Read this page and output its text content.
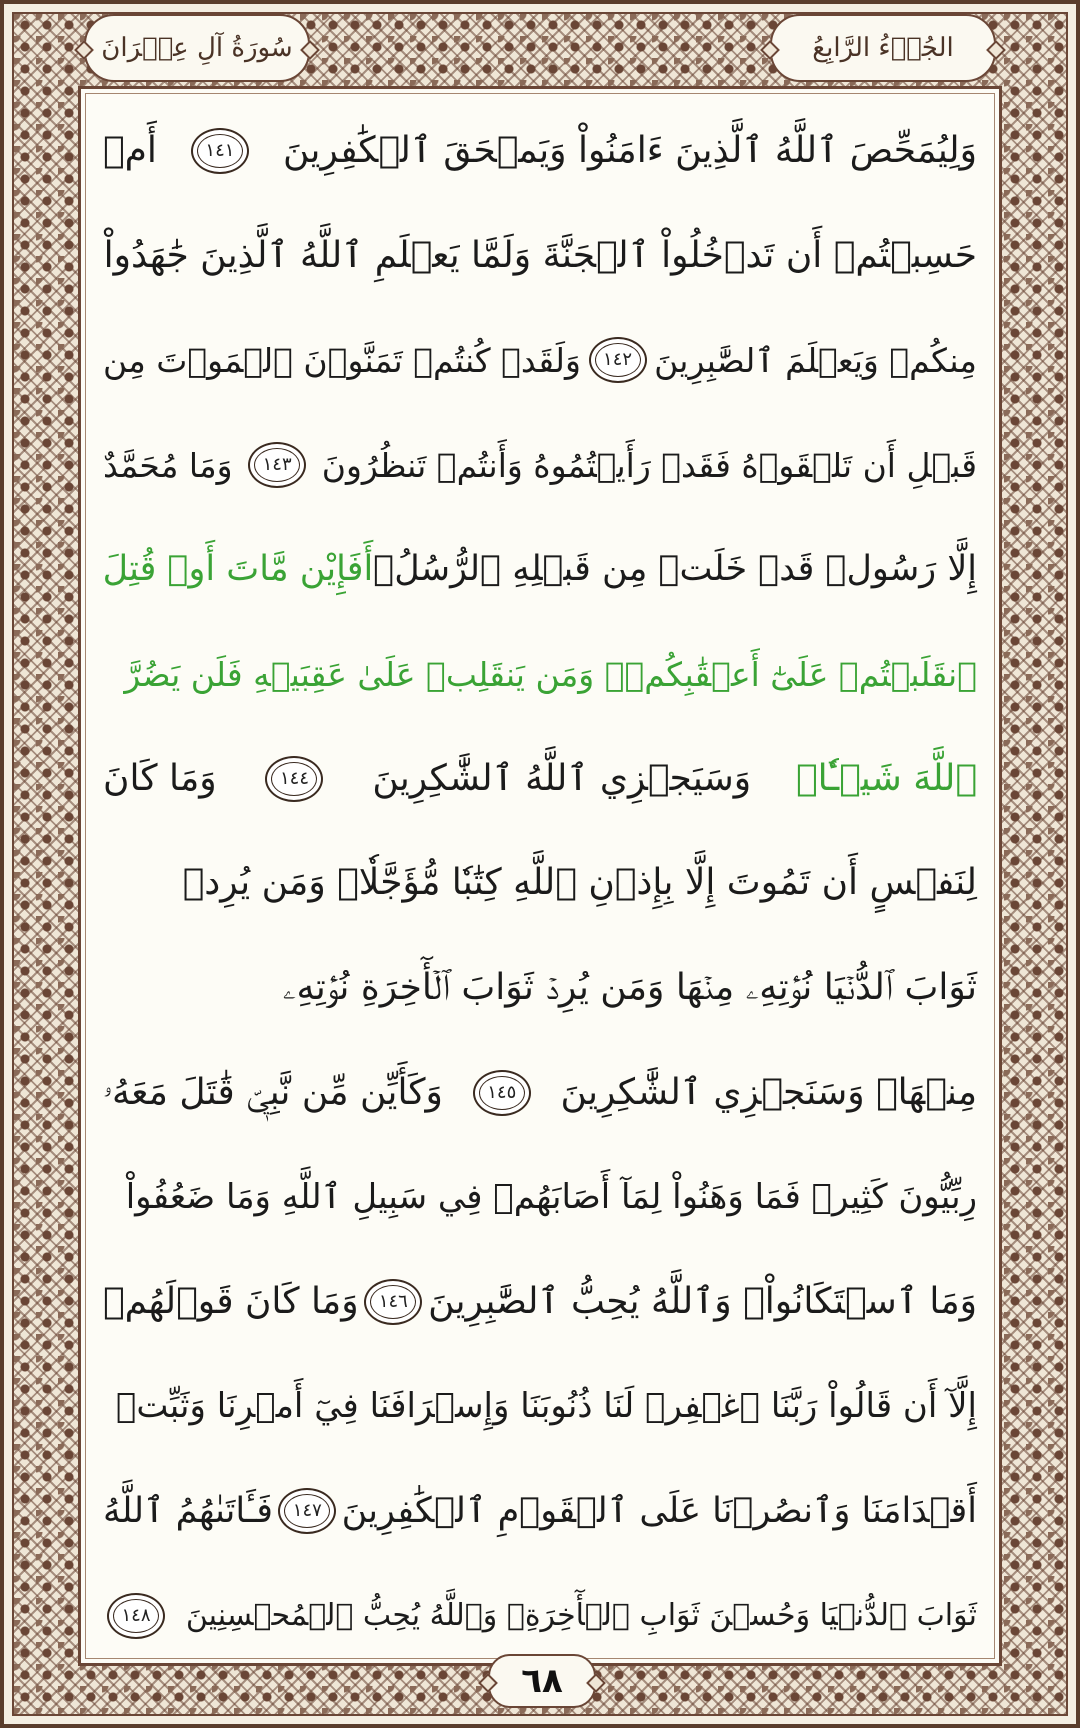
سُورَةُ آلِ عِمۡرَانَ	الجُزۡءُ الرَّابِعُ
وَلِيُمَحِّصَ ٱللَّهُ ٱلَّذِينَ ءَامَنُواْ وَيَمۡحَقَ ٱلۡكَٰفِرِينَ
١٤١
أَمۡ
حَسِبۡتُمۡ أَن تَدۡخُلُواْ ٱلۡجَنَّةَ وَلَمَّا يَعۡلَمِ ٱللَّهُ ٱلَّذِينَ جَٰهَدُواْ
مِنكُمۡ وَيَعۡلَمَ ٱلصَّٰبِرِينَ
١٤٢
وَلَقَدۡ كُنتُمۡ تَمَنَّوۡنَ ٱلۡمَوۡتَ مِن
قَبۡلِ أَن تَلۡقَوۡهُ فَقَدۡ رَأَيۡتُمُوهُ وَأَنتُمۡ تَنظُرُونَ
١٤٣
وَمَا مُحَمَّدٌ
إِلَّا رَسُولٞ قَدۡ خَلَتۡ مِن قَبۡلِهِ ٱلرُّسُلُۚ
أَفَإِيْن مَّاتَ أَوۡ قُتِلَ
ٱنقَلَبۡتُمۡ عَلَىٰٓ أَعۡقَٰبِكُمۡۚ وَمَن يَنقَلِبۡ عَلَىٰ عَقِبَيۡهِ فَلَن يَضُرَّ
ٱللَّهَ شَيۡـٔٗاۗ
وَسَيَجۡزِي ٱللَّهُ ٱلشَّٰكِرِينَ
١٤٤
وَمَا كَانَ
لِنَفۡسٍ أَن تَمُوتَ إِلَّا بِإِذۡنِ ٱللَّهِ كِتَٰبٗا مُّؤَجَّلٗاۗ وَمَن يُرِدۡ
ثَوَابَ ٱلدُّنۡيَا نُؤۡتِهِۦ مِنۡهَا وَمَن يُرِدۡ ثَوَابَ ٱلۡأٓخِرَةِ نُؤۡتِهِۦ
مِنۡهَاۚ وَسَنَجۡزِي ٱلشَّٰكِرِينَ
١٤٥
وَكَأَيِّن مِّن نَّبِيّٖ قَٰتَلَ مَعَهُۥ
رِبِّيُّونَ كَثِيرٞ فَمَا وَهَنُواْ لِمَآ أَصَابَهُمۡ فِي سَبِيلِ ٱللَّهِ وَمَا ضَعُفُواْ
وَمَا ٱسۡتَكَانُواْۗ وَٱللَّهُ يُحِبُّ ٱلصَّٰبِرِينَ
١٤٦
وَمَا كَانَ قَوۡلَهُمۡ
إِلَّآ أَن قَالُواْ رَبَّنَا ٱغۡفِرۡ لَنَا ذُنُوبَنَا وَإِسۡرَافَنَا فِيٓ أَمۡرِنَا وَثَبِّتۡ
أَقۡدَامَنَا وَٱنصُرۡنَا عَلَى ٱلۡقَوۡمِ ٱلۡكَٰفِرِينَ
١٤٧
فَـَٔاتَىٰهُمُ ٱللَّهُ
ثَوَابَ ٱلدُّنۡيَا وَحُسۡنَ ثَوَابِ ٱلۡأٓخِرَةِۗ وَٱللَّهُ يُحِبُّ ٱلۡمُحۡسِنِينَ
١٤٨
٦٨
